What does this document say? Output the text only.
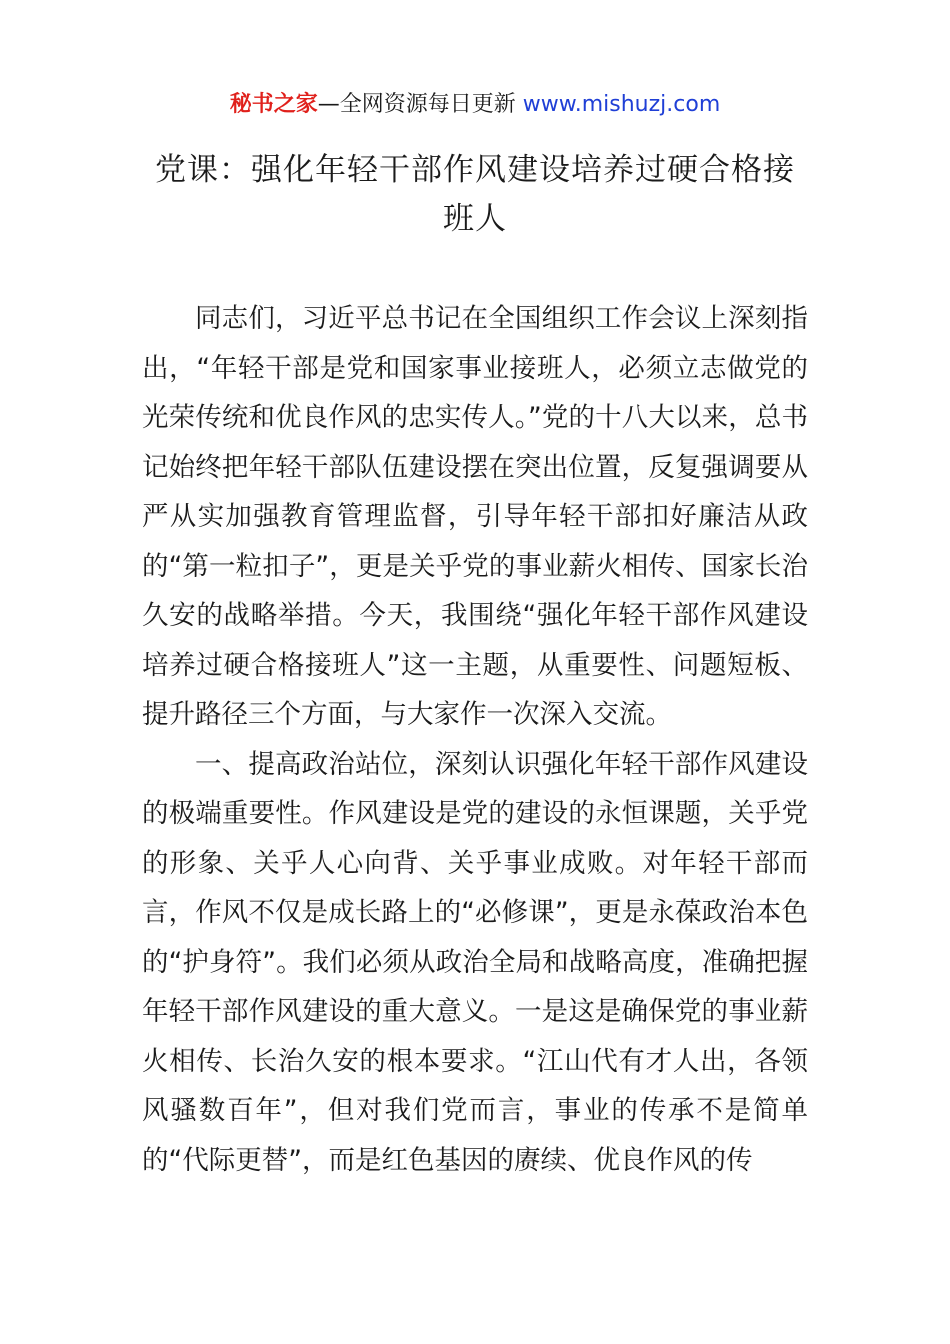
秘书之家—全网资源每日更新 www.mishuzj.com
党课：强化年轻干部作风建设培养过硬合格接班人

同志们，习近平总书记在全国组织工作会议上深刻指出，“年轻干部是党和国家事业接班人，必须立志做党的光荣传统和优良作风的忠实传人。”党的十八大以来，总书记始终把年轻干部队伍建设摆在突出位置，反复强调要从严从实加强教育管理监督，引导年轻干部扣好廉洁从政的“第一粒扣子”，更是关乎党的事业薪火相传、国家长治久安的战略举措。今天，我围绕“强化年轻干部作风建设培养过硬合格接班人”这一主题，从重要性、问题短板、提升路径三个方面，与大家作一次深入交流。

一、提高政治站位，深刻认识强化年轻干部作风建设的极端重要性。作风建设是党的建设的永恒课题，关乎党的形象、关乎人心向背、关乎事业成败。对年轻干部而言，作风不仅是成长路上的“必修课”，更是永葆政治本色的“护身符”。我们必须从政治全局和战略高度，准确把握年轻干部作风建设的重大意义。一是这是确保党的事业薪火相传、长治久安的根本要求。“江山代有才人出，各领风骚数百年”，但对我们党而言，事业的传承不是简单的“代际更替”，而是红色基因的赓续、优良作风的传
